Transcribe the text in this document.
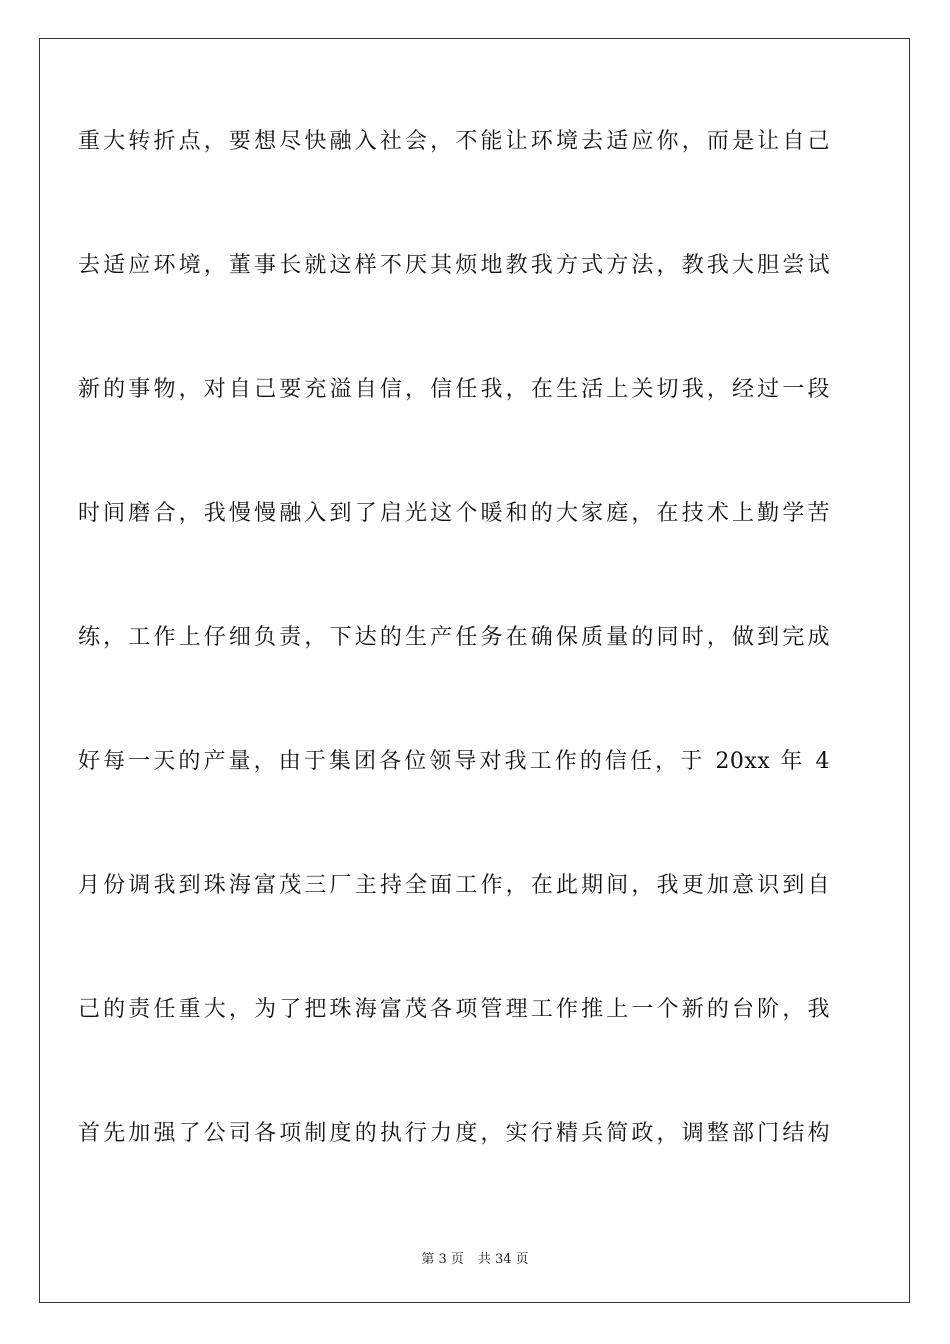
重大转折点，要想尽快融入社会，不能让环境去适应你，而是让自己
去适应环境，董事长就这样不厌其烦地教我方式方法，教我大胆尝试
新的事物，对自己要充溢自信，信任我，在生活上关切我，经过一段
时间磨合，我慢慢融入到了启光这个暖和的大家庭，在技术上勤学苦
练，工作上仔细负责，下达的生产任务在确保质量的同时，做到完成
好每一天的产量，由于集团各位领导对我工作的信任，于 20xx 年 4
月份调我到珠海富茂三厂主持全面工作，在此期间，我更加意识到自
己的责任重大，为了把珠海富茂各项管理工作推上一个新的台阶，我
首先加强了公司各项制度的执行力度，实行精兵简政，调整部门结构
第 3 页 共 34 页
